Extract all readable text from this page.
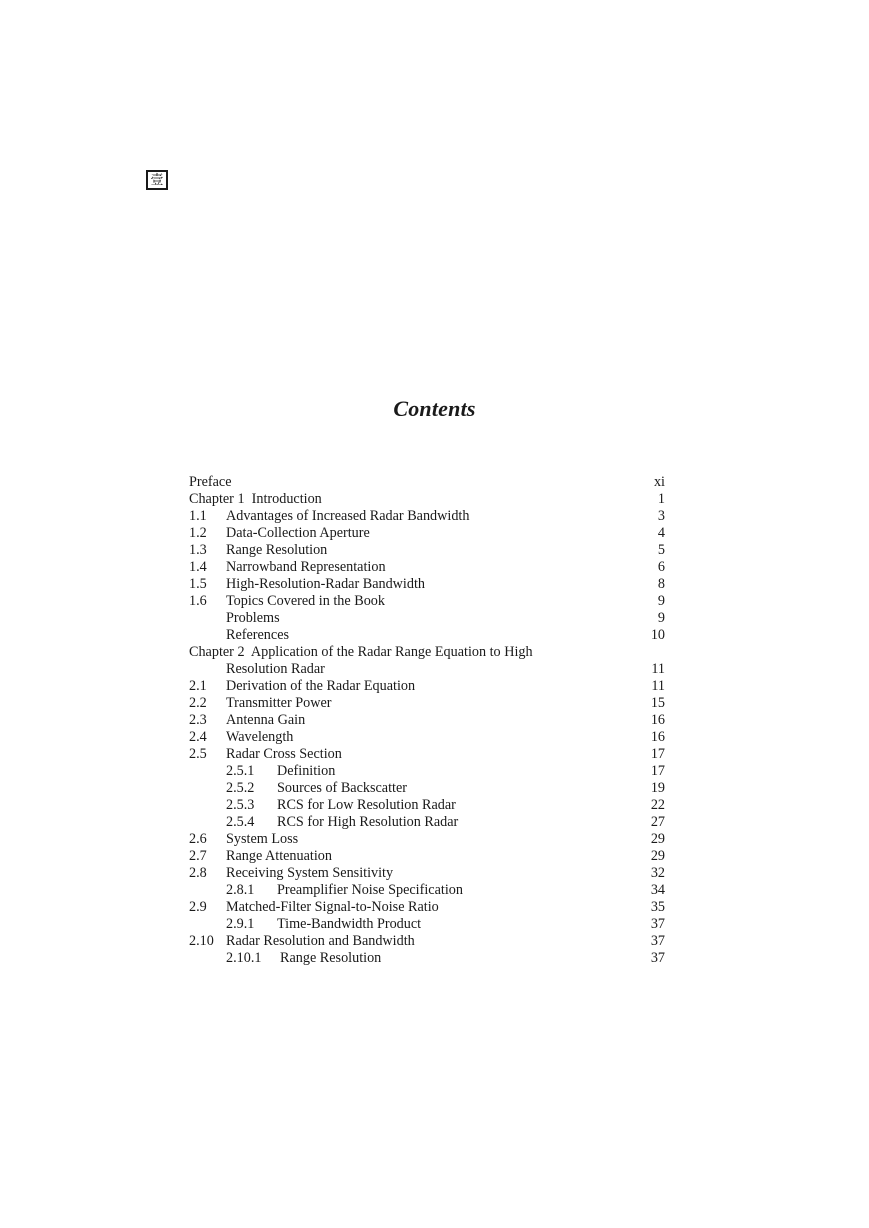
壹
Contents
Preface	xi
Chapter 1  Introduction	1
1.1 Advantages of Increased Radar Bandwidth	3
1.2 Data-Collection Aperture	4
1.3 Range Resolution	5
1.4 Narrowband Representation	6
1.5 High-Resolution-Radar Bandwidth	8
1.6 Topics Covered in the Book	9
Problems	9
References	10
Chapter 2  Application of the Radar Range Equation to High
Resolution Radar	11
2.1 Derivation of the Radar Equation	11
2.2 Transmitter Power	15
2.3 Antenna Gain	16
2.4 Wavelength	16
2.5 Radar Cross Section	17
2.5.1 Definition	17
2.5.2 Sources of Backscatter	19
2.5.3 RCS for Low Resolution Radar	22
2.5.4 RCS for High Resolution Radar	27
2.6 System Loss	29
2.7 Range Attenuation	29
2.8 Receiving System Sensitivity	32
2.8.1 Preamplifier Noise Specification	34
2.9 Matched-Filter Signal-to-Noise Ratio	35
2.9.1 Time-Bandwidth Product	37
2.10 Radar Resolution and Bandwidth	37
2.10.1 Range Resolution	37
